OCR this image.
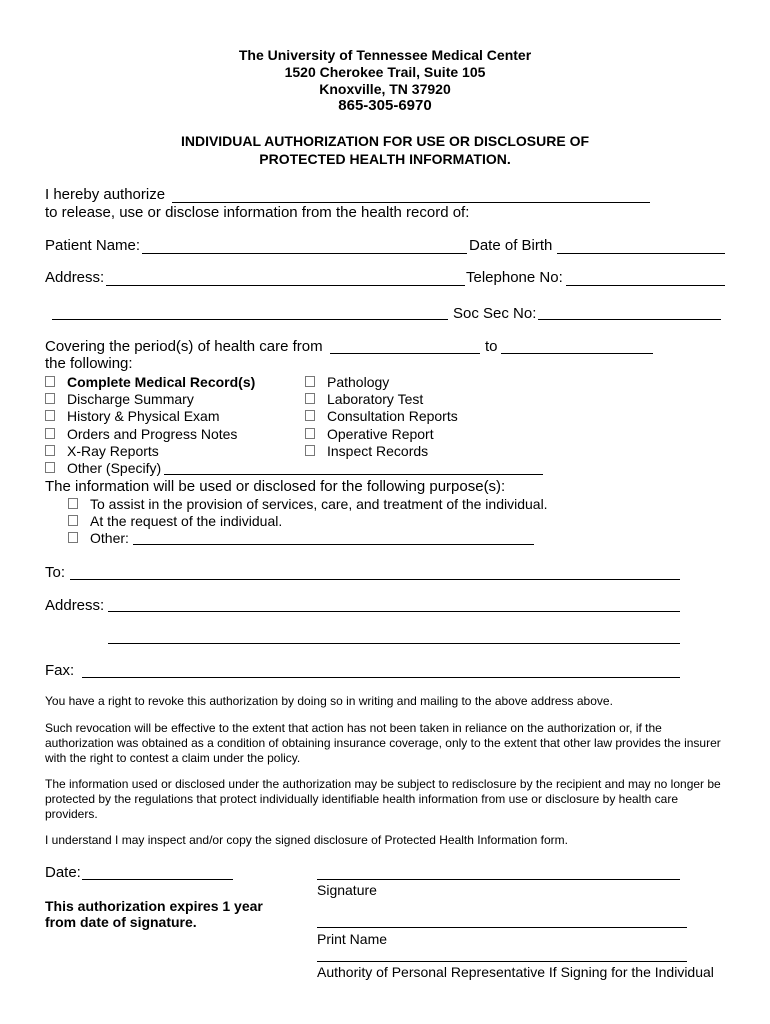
The University of Tennessee Medical Center
1520 Cherokee Trail, Suite 105
Knoxville, TN 37920
865-305-6970
INDIVIDUAL AUTHORIZATION FOR USE OR DISCLOSURE OF
PROTECTED HEALTH INFORMATION.
I hereby authorize
to release, use or disclose information from the health record of:
Patient Name:	Date of Birth
Address:	Telephone No:
Soc Sec No:
Covering the period(s) of health care from	to
the following:
Complete Medical Record(s)
Discharge Summary
History & Physical Exam
Orders and Progress Notes
X-Ray Reports
Other (Specify)
Pathology
Laboratory Test
Consultation Reports
Operative Report
Inspect Records
The information will be used or disclosed for the following purpose(s):
To assist in the provision of services, care, and treatment of the individual.
At the request of the individual.
Other:
To:
Address:
Fax:
You have a right to revoke this authorization by doing so in writing and mailing to the above address above.
Such revocation will be effective to the extent that action has not been taken in reliance on the authorization or, if the authorization was obtained as a condition of obtaining insurance coverage, only to the extent that other law provides the insurer with the right to contest a claim under the policy.
The information used or disclosed under the authorization may be subject to redisclosure by the recipient and may no longer be protected by the regulations that protect individually identifiable health information from use or disclosure by health care providers.
I understand I may inspect and/or copy the signed disclosure of Protected Health Information form.
Date:
Signature
This authorization expires 1 year
from date of signature.
Print Name
Authority of Personal Representative If Signing for the Individual
